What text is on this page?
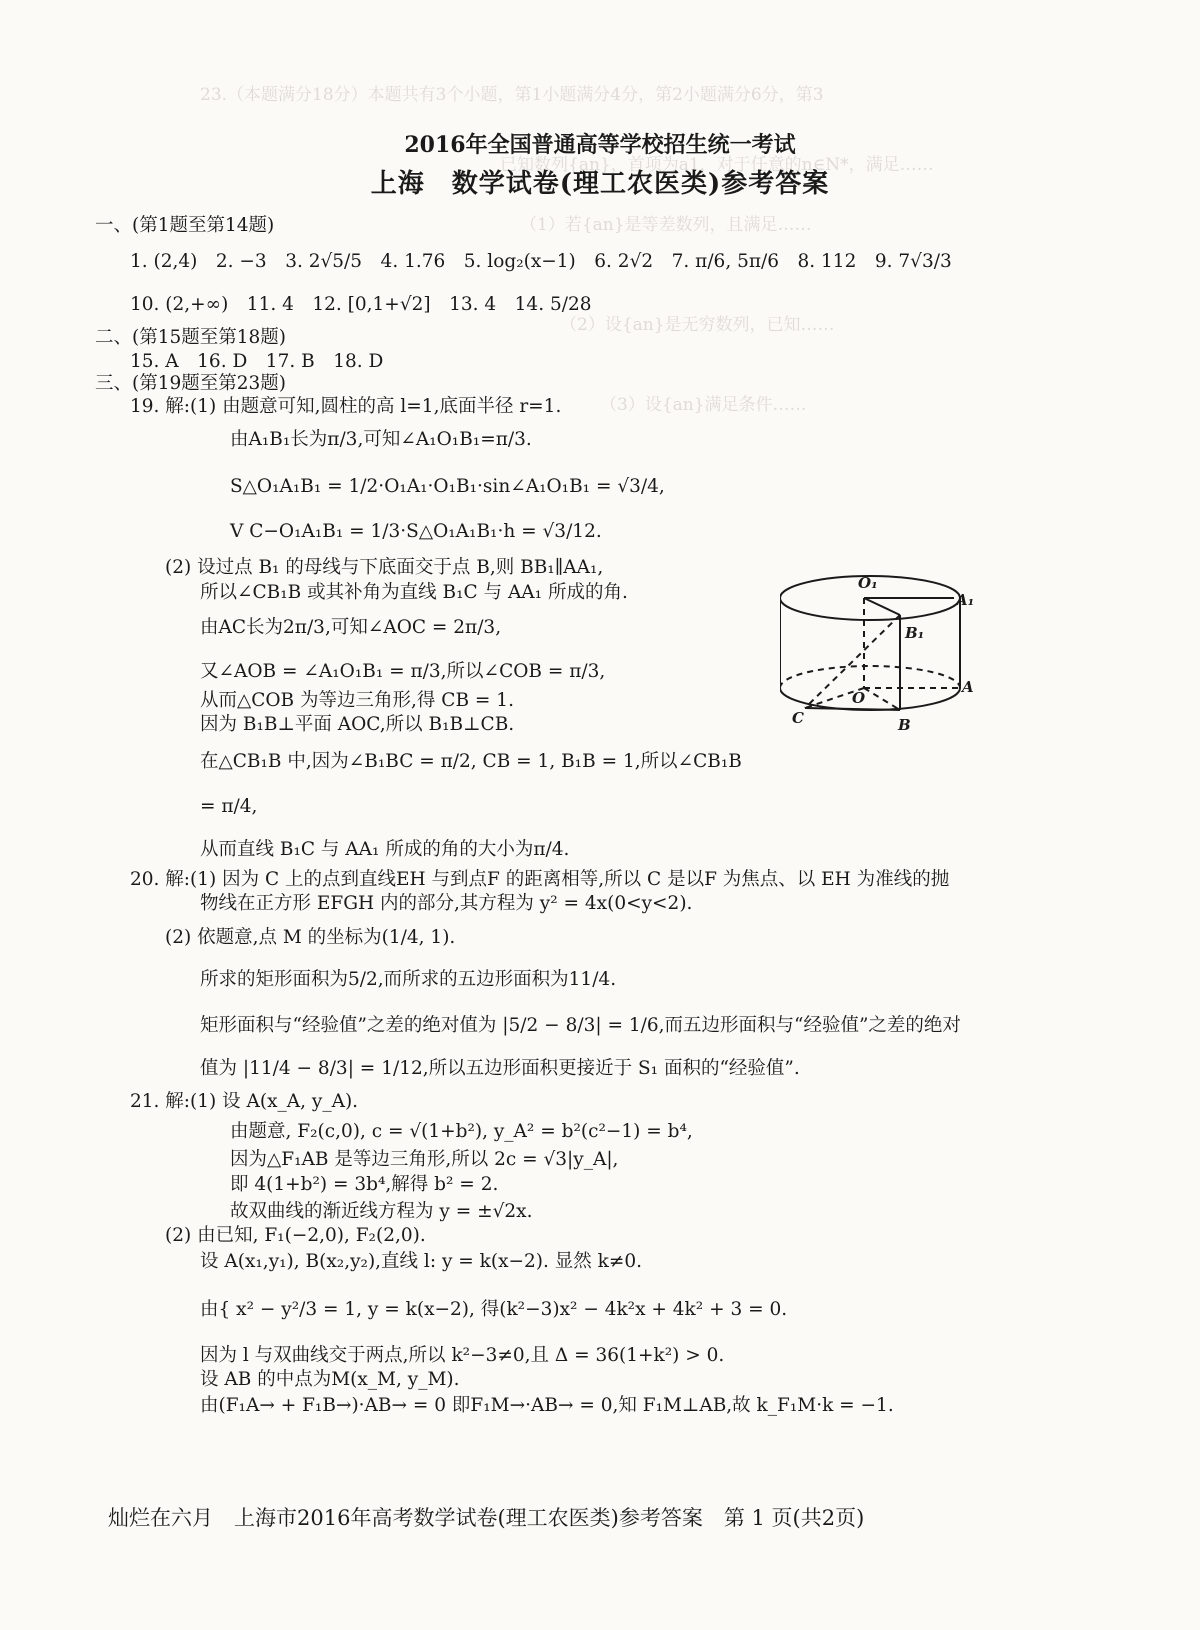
23.（本题满分18分）本题共有3个小题，第1小题满分4分，第2小题满分6分，第3
已知数列{an}，首项为a1，对于任意的n∈N*，满足……
（1）若{an}是等差数列，且满足……
（2）设{an}是无穷数列，已知……
（3）设{an}满足条件……
2016年全国普通高等学校招生统一考试
上海　数学试卷(理工农医类)参考答案
一、(第1题至第14题)
1. (2,4)　2. −3　3. 2√5/5　4. 1.76　5. log₂(x−1)　6. 2√2　7. π/6, 5π/6　8. 112　9. 7√3/3
10. (2,+∞)　11. 4　12. [0,1+√2]　13. 4　14. 5/28
二、(第15题至第18题)
15. A　16. D　17. B　18. D
三、(第19题至第23题)
19. 解:(1) 由题意可知,圆柱的高 l=1,底面半径 r=1.
由A₁B₁长为π/3,可知∠A₁O₁B₁=π/3.
S△O₁A₁B₁ = 1/2·O₁A₁·O₁B₁·sin∠A₁O₁B₁ = √3/4,
V C−O₁A₁B₁ = 1/3·S△O₁A₁B₁·h = √3/12.
(2) 设过点 B₁ 的母线与下底面交于点 B,则 BB₁∥AA₁,
所以∠CB₁B 或其补角为直线 B₁C 与 AA₁ 所成的角.
由AC长为2π/3,可知∠AOC = 2π/3,
又∠AOB = ∠A₁O₁B₁ = π/3,所以∠COB = π/3,
从而△COB 为等边三角形,得 CB = 1.
因为 B₁B⊥平面 AOC,所以 B₁B⊥CB.
在△CB₁B 中,因为∠B₁BC = π/2, CB = 1, B₁B = 1,所以∠CB₁B
= π/4,
从而直线 B₁C 与 AA₁ 所成的角的大小为π/4.
20. 解:(1) 因为 C 上的点到直线EH 与到点F 的距离相等,所以 C 是以F 为焦点、以 EH 为准线的抛
物线在正方形 EFGH 内的部分,其方程为 y² = 4x(0<y<2).
(2) 依题意,点 M 的坐标为(1/4, 1).
所求的矩形面积为5/2,而所求的五边形面积为11/4.
矩形面积与“经验值”之差的绝对值为 |5/2 − 8/3| = 1/6,而五边形面积与“经验值”之差的绝对
值为 |11/4 − 8/3| = 1/12,所以五边形面积更接近于 S₁ 面积的“经验值”.
21. 解:(1) 设 A(x_A, y_A).
由题意, F₂(c,0), c = √(1+b²), y_A² = b²(c²−1) = b⁴,
因为△F₁AB 是等边三角形,所以 2c = √3|y_A|,
即 4(1+b²) = 3b⁴,解得 b² = 2.
故双曲线的渐近线方程为 y = ±√2x.
(2) 由已知, F₁(−2,0), F₂(2,0).
设 A(x₁,y₁), B(x₂,y₂),直线 l: y = k(x−2). 显然 k≠0.
由{ x² − y²/3 = 1, y = k(x−2), 得(k²−3)x² − 4k²x + 4k² + 3 = 0.
因为 l 与双曲线交于两点,所以 k²−3≠0,且 Δ = 36(1+k²) > 0.
设 AB 的中点为M(x_M, y_M).
由(F₁A→ + F₁B→)·AB→ = 0 即F₁M→·AB→ = 0,知 F₁M⊥AB,故 k_F₁M·k = −1.
O₁
A₁
B₁
O
A
B
C
灿烂在六月　上海市2016年高考数学试卷(理工农医类)参考答案　第 1 页(共2页)
